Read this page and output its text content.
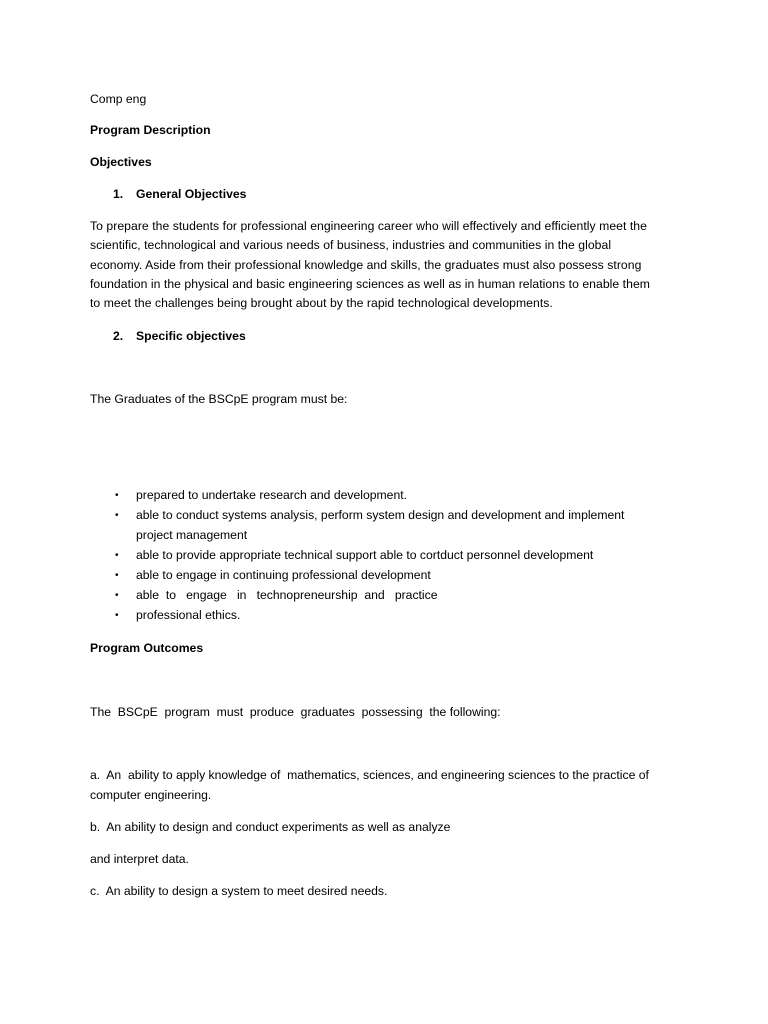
Comp eng
Program Description
Objectives
1. General Objectives
To prepare the students for professional engineering career who will effectively and efficiently meet the
scientific, technological and various needs of business, industries and communities in the global
economy. Aside from their professional knowledge and skills, the graduates must also possess strong
foundation in the physical and basic engineering sciences as well as in human relations to enable them
to meet the challenges being brought about by the rapid technological developments.
2. Specific objectives
The Graduates of the BSCpE program must be:
• prepared to undertake research and development.
• able to conduct systems analysis, perform system design and development and implement
project management
• able to provide appropriate technical support able to cortduct personnel development
• able to engage in continuing professional development
• able  to   engage   in   technopreneurship  and   practice
• professional ethics.
Program Outcomes
The  BSCpE  program  must  produce  graduates  possessing  the following:
a.  An  ability to apply knowledge of  mathematics, sciences, and engineering sciences to the practice of
computer engineering.
b.  An ability to design and conduct experiments as well as analyze
and interpret data.
c.  An ability to design a system to meet desired needs.
